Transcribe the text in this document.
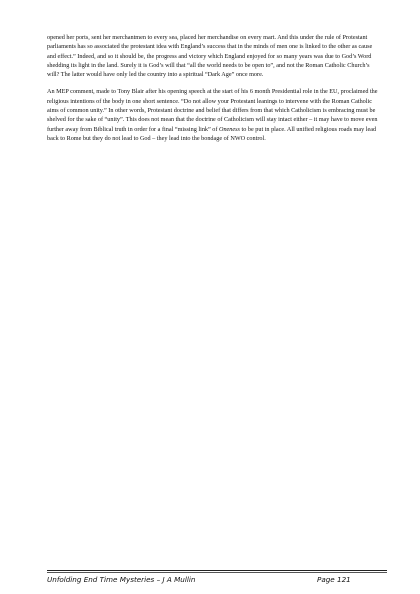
opened her ports, sent her merchantmen to every sea, placed her merchandise on every mart. And this under the rule of Protestant parliaments has so associated the protestant idea with England’s success that in the minds of men one is linked to the other as cause and effect.” Indeed, and so it should be, the progress and victory which England enjoyed for so many years was due to God’s Word shedding its light in the land. Surely it is God’s will that “all the world needs to be open to”, and not the Roman Catholic Church’s will? The latter would have only led the country into a spiritual “Dark Age” once more.

An MEP comment, made to Tony Blair after his opening speech at the start of his 6 month Presidential role in the EU, proclaimed the religious intentions of the body in one short sentence. “Do not allow your Protestant leanings to intervene with the Roman Catholic aims of common unity.” In other words, Protestant doctrine and belief that differs from that which Catholicism is embracing must be shelved for the sake of “unity”. This does not mean that the doctrine of Catholicism will stay intact either – it may have to move even further away from Biblical truth in order for a final “missing link” of Oneness to be put in place. All unified religious roads may lead back to Rome but they do not lead to God – they lead into the bondage of NWO control.

Unfolding End Time Mysteries – J A Mullin	Page 121
